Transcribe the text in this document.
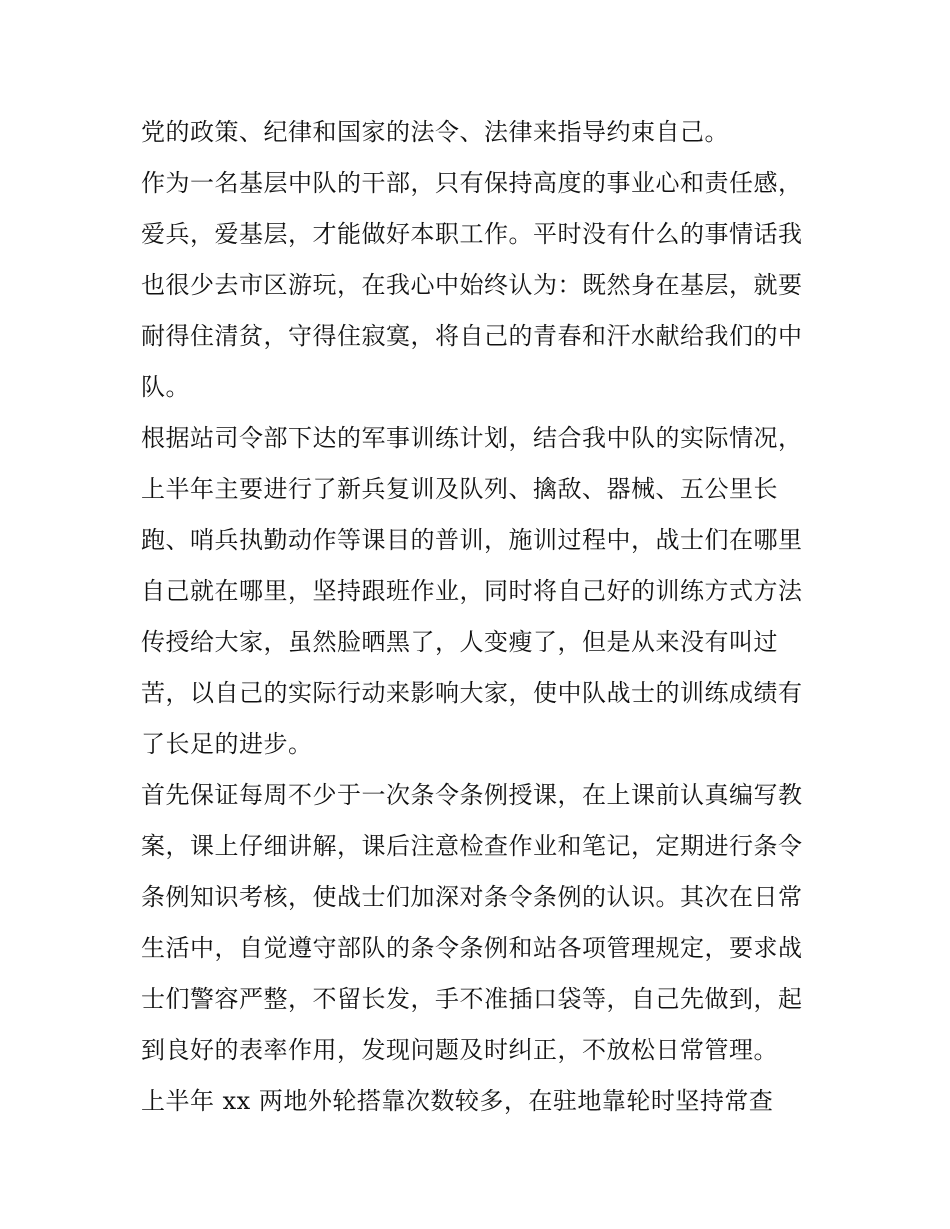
党的政策、纪律和国家的法令、法律来指导约束自己。
作为一名基层中队的干部，只有保持高度的事业心和责任感，
爱兵，爱基层，才能做好本职工作。平时没有什么的事情话我
也很少去市区游玩，在我心中始终认为：既然身在基层，就要
耐得住清贫，守得住寂寞，将自己的青春和汗水献给我们的中
队。
根据站司令部下达的军事训练计划，结合我中队的实际情况，
上半年主要进行了新兵复训及队列、擒敌、器械、五公里长
跑、哨兵执勤动作等课目的普训，施训过程中，战士们在哪里
自己就在哪里，坚持跟班作业，同时将自己好的训练方式方法
传授给大家，虽然脸晒黑了，人变瘦了，但是从来没有叫过
苦，以自己的实际行动来影响大家，使中队战士的训练成绩有
了长足的进步。
首先保证每周不少于一次条令条例授课，在上课前认真编写教
案，课上仔细讲解，课后注意检查作业和笔记，定期进行条令
条例知识考核，使战士们加深对条令条例的认识。其次在日常
生活中，自觉遵守部队的条令条例和站各项管理规定，要求战
士们警容严整，不留长发，手不准插口袋等，自己先做到，起
到良好的表率作用，发现问题及时纠正，不放松日常管理。
上半年 xx 两地外轮搭靠次数较多，在驻地靠轮时坚持常查
